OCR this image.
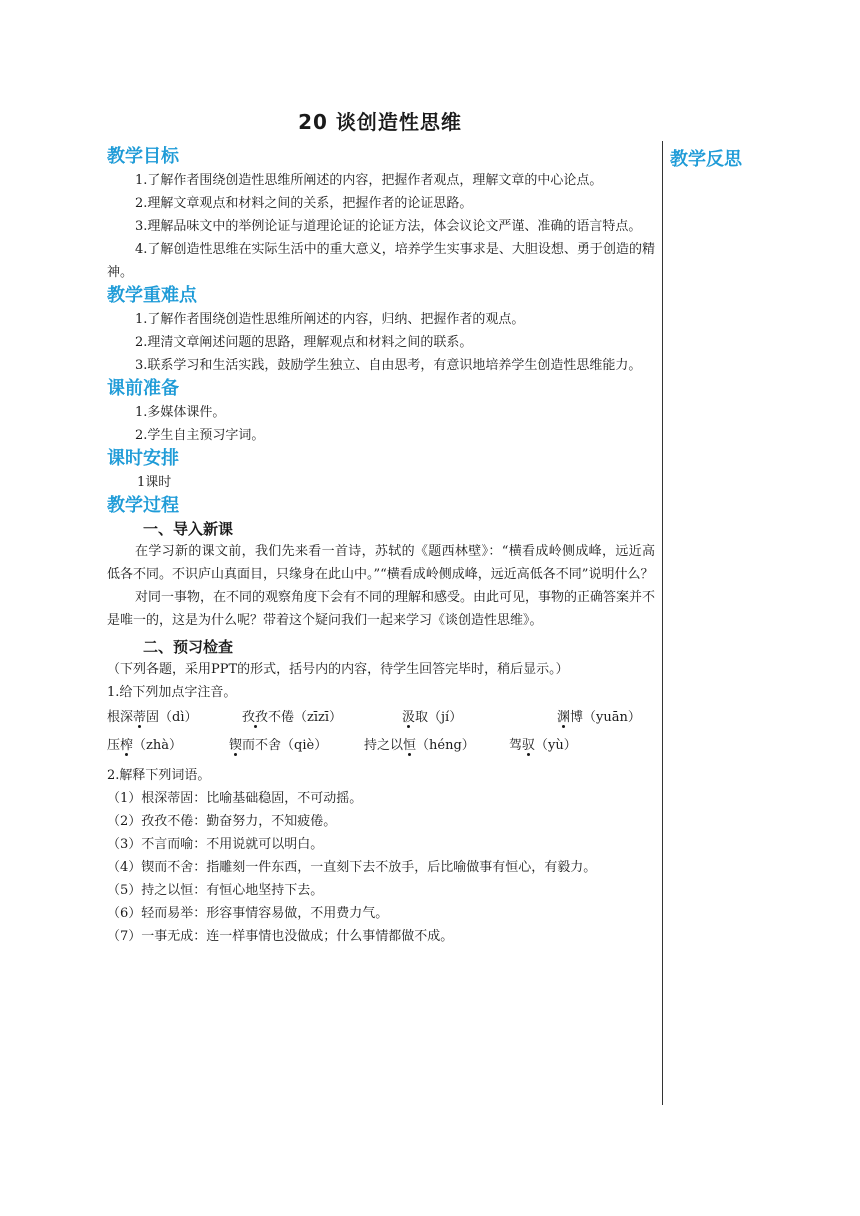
20 谈创造性思维
教学反思
教学目标

1.了解作者围绕创造性思维所阐述的内容，把握作者观点，理解文章的中心论点。

2.理解文章观点和材料之间的关系，把握作者的论证思路。

3.理解品味文中的举例论证与道理论证的论证方法，体会议论文严谨、准确的语言特点。

4.了解创造性思维在实际生活中的重大意义，培养学生实事求是、大胆设想、勇于创造的精神。

教学重难点

1.了解作者围绕创造性思维所阐述的内容，归纳、把握作者的观点。

2.理清文章阐述问题的思路，理解观点和材料之间的联系。

3.联系学习和生活实践，鼓励学生独立、自由思考，有意识地培养学生创造性思维能力。

课前准备

1.多媒体课件。

2.学生自主预习字词。

课时安排

1课时

教学过程

一、导入新课

在学习新的课文前，我们先来看一首诗，苏轼的《题西林壁》：“横看成岭侧成峰，远近高低各不同。不识庐山真面目，只缘身在此山中。”“横看成岭侧成峰，远近高低各不同”说明什么？

对同一事物，在不同的观察角度下会有不同的理解和感受。由此可见，事物的正确答案并不是唯一的，这是为什么呢？带着这个疑问我们一起来学习《谈创造性思维》。

二、预习检查

（下列各题，采用PPT的形式，括号内的内容，待学生回答完毕时，稍后显示。）

1.给下列加点字注音。

根深蒂固（dì）	孜孜不倦（zīzī）	汲取（jí）	渊博（yuān）
压榨（zhà）	锲而不舍（qiè）	持之以恒（héng）	驾驭（yù）

2.解释下列词语。

（1）根深蒂固：比喻基础稳固，不可动摇。

（2）孜孜不倦：勤奋努力，不知疲倦。

（3）不言而喻：不用说就可以明白。

（4）锲而不舍：指雕刻一件东西，一直刻下去不放手，后比喻做事有恒心，有毅力。

（5）持之以恒：有恒心地坚持下去。

（6）轻而易举：形容事情容易做，不用费力气。

（7）一事无成：连一样事情也没做成；什么事情都做不成。
